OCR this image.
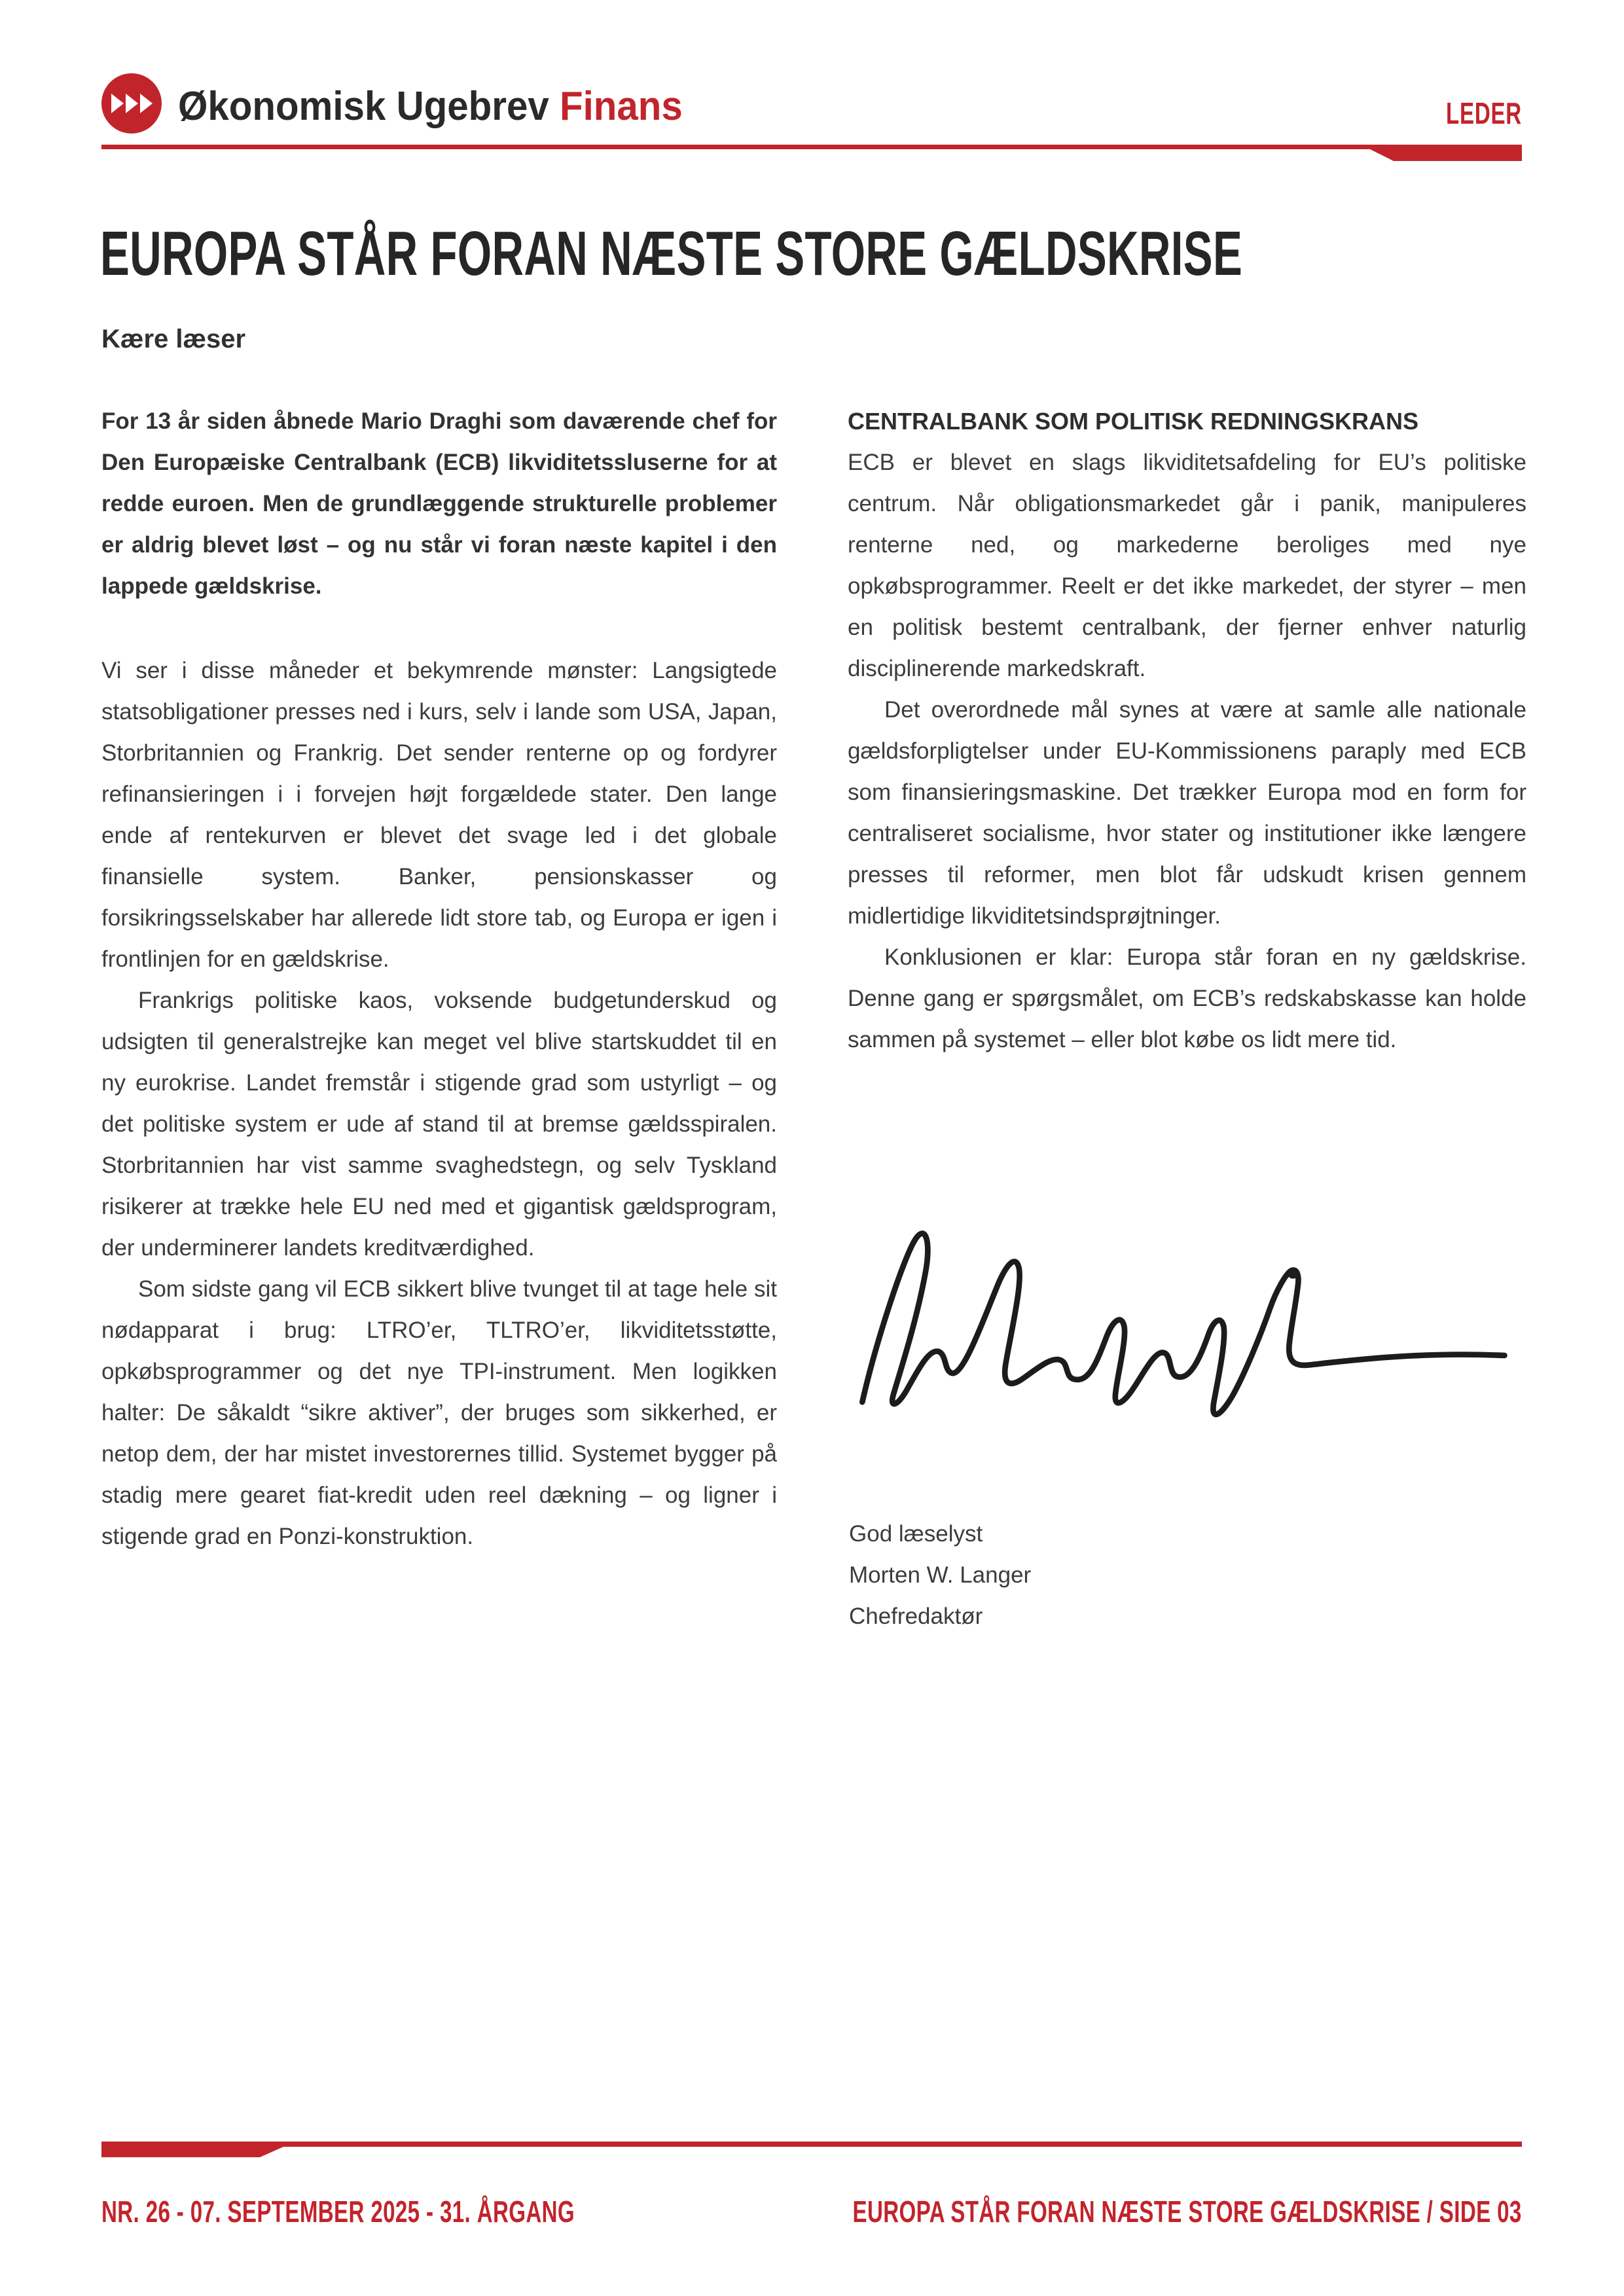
Økonomisk Ugebrev Finans	LEDER
EUROPA STÅR FORAN NÆSTE STORE GÆLDSKRISE
Kære læser

For 13 år siden åbnede Mario Draghi som daværende chef for Den Europæiske Centralbank (ECB) likviditetssluserne for at redde euroen. Men de grundlæggende strukturelle problemer er aldrig blevet løst – og nu står vi foran næste kapitel i den lappede gældskrise.

Vi ser i disse måneder et bekymrende mønster: Langsigtede statsobligationer presses ned i kurs, selv i lande som USA, Japan, Storbritannien og Frankrig. Det sender renterne op og fordyrer refinansieringen i i forvejen højt forgældede stater. Den lange ende af rentekurven er blevet det svage led i det globale finansielle system. Banker, pensionskasser og forsikringsselskaber har allerede lidt store tab, og Europa er igen i frontlinjen for en gældskrise.

Frankrigs politiske kaos, voksende budgetunderskud og udsigten til generalstrejke kan meget vel blive startskuddet til en ny eurokrise. Landet fremstår i stigende grad som ustyrligt – og det politiske system er ude af stand til at bremse gældsspiralen. Storbritannien har vist samme svaghedstegn, og selv Tyskland risikerer at trække hele EU ned med et gigantisk gældsprogram, der underminerer landets kreditværdighed.

Som sidste gang vil ECB sikkert blive tvunget til at tage hele sit nødapparat i brug: LTRO’er, TLTRO’er, likviditetsstøtte, opkøbsprogrammer og det nye TPI-instrument. Men logikken halter: De såkaldt “sikre aktiver”, der bruges som sikkerhed, er netop dem, der har mistet investorernes tillid. Systemet bygger på stadig mere gearet fiat-kredit uden reel dækning – og ligner i stigende grad en Ponzi-konstruktion.

CENTRALBANK SOM POLITISK REDNINGSKRANS

ECB er blevet en slags likviditetsafdeling for EU’s politiske centrum. Når obligationsmarkedet går i panik, manipuleres renterne ned, og markederne beroliges med nye opkøbsprogrammer. Reelt er det ikke markedet, der styrer – men en politisk bestemt centralbank, der fjerner enhver naturlig disciplinerende markedskraft.

Det overordnede mål synes at være at samle alle nationale gældsforpligtelser under EU-Kommissionens paraply med ECB som finansieringsmaskine. Det trækker Europa mod en form for centraliseret socialisme, hvor stater og institutioner ikke længere presses til reformer, men blot får udskudt krisen gennem midlertidige likviditetsindsprøjtninger.

Konklusionen er klar: Europa står foran en ny gældskrise. Denne gang er spørgsmålet, om ECB’s redskabskasse kan holde sammen på systemet – eller blot købe os lidt mere tid.

God læselyst
Morten W. Langer
Chefredaktør
NR. 26 - 07. SEPTEMBER 2025 - 31. ÅRGANG	EUROPA STÅR FORAN NÆSTE STORE GÆLDSKRISE / SIDE 03
